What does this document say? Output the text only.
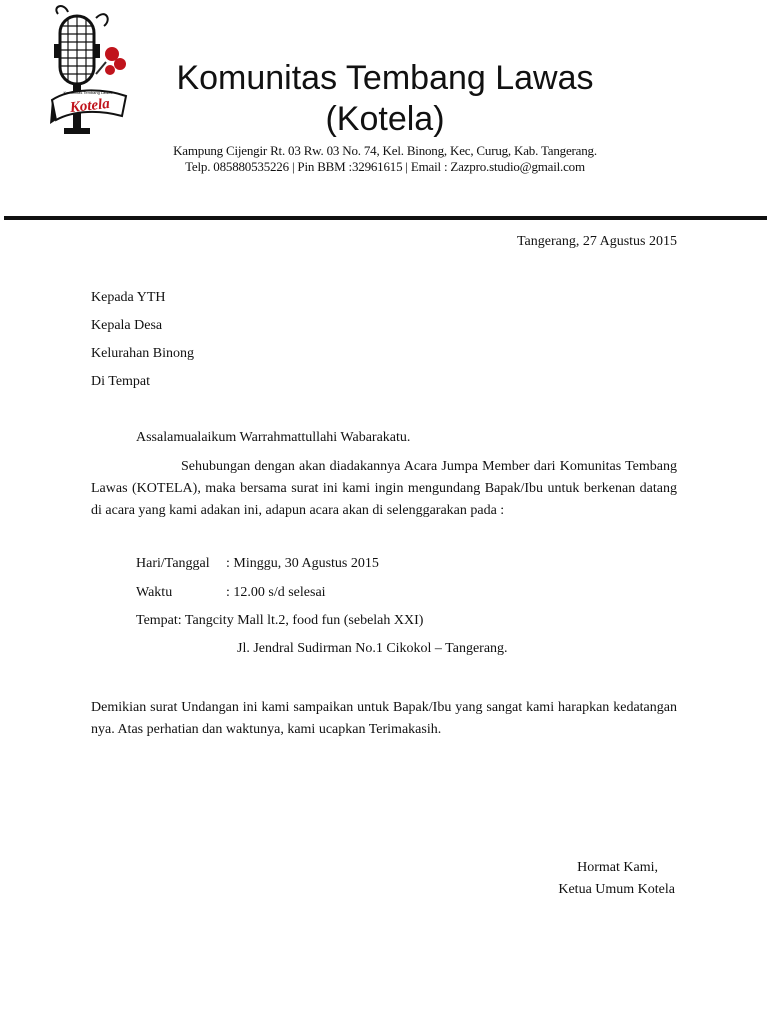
Kotela
Komunitas Tembang Lawas	Komunitas Tembang Lawas
(Kotela)
Kampung Cijengir Rt. 03 Rw. 03 No. 74, Kel. Binong, Kec, Curug, Kab. Tangerang.
Telp. 085880535226 | Pin BBM :32961615 | Email : Zazpro.studio@gmail.com
Tangerang, 27 Agustus 2015
Kepada YTH
Kepala Desa
Kelurahan Binong
Di Tempat
Assalamualaikum Warrahmattullahi Wabarakatu.
Sehubungan dengan akan diadakannya Acara Jumpa Member dari Komunitas Tembang Lawas (KOTELA), maka bersama surat ini kami ingin mengundang Bapak/Ibu untuk berkenan datang di acara yang kami adakan ini, adapun acara akan di selenggarakan pada :
Hari/Tanggal : Minggu, 30 Agustus 2015
Waktu	: 12.00 s/d selesai
Tempat: Tangcity Mall lt.2, food fun (sebelah XXI)
Jl. Jendral Sudirman No.1 Cikokol – Tangerang.
Demikian surat Undangan ini kami sampaikan untuk Bapak/Ibu yang sangat kami harapkan kedatangan nya. Atas perhatian dan waktunya, kami ucapkan Terimakasih.
Hormat Kami,
Ketua Umum Kotela
